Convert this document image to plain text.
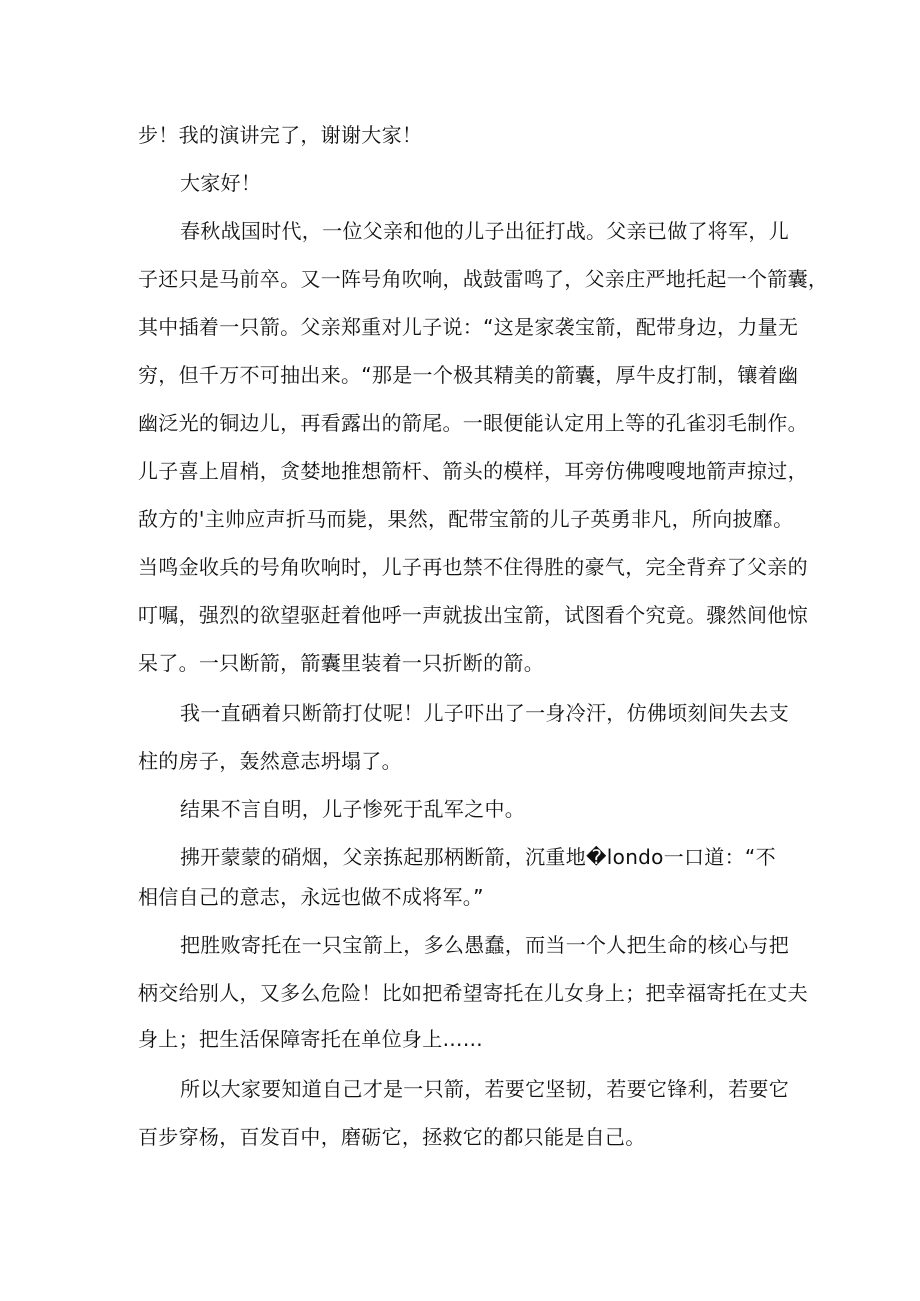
步！我的演讲完了，谢谢大家！

大家好！

春秋战国时代，一位父亲和他的儿子出征打战。父亲已做了将军，儿

子还只是马前卒。又一阵号角吹响，战鼓雷鸣了，父亲庄严地托起一个箭囊，

其中插着一只箭。父亲郑重对儿子说：“这是家袭宝箭，配带身边，力量无

穷，但千万不可抽出来。“那是一个极其精美的箭囊，厚牛皮打制，镶着幽

幽泛光的铜边儿，再看露出的箭尾。一眼便能认定用上等的孔雀羽毛制作。

儿子喜上眉梢，贪婪地推想箭杆、箭头的模样，耳旁仿佛嗖嗖地箭声掠过，

敌方的'主帅应声折马而毙，果然，配带宝箭的儿子英勇非凡，所向披靡。

当鸣金收兵的号角吹响时，儿子再也禁不住得胜的豪气，完全背弃了父亲的

叮嘱，强烈的欲望驱赶着他呼一声就拔出宝箭，试图看个究竟。骤然间他惊

呆了。一只断箭，箭囊里装着一只折断的箭。

我一直硒着只断箭打仗呢！儿子吓出了一身冷汗，仿佛顷刻间失去支

柱的房子，轰然意志坍塌了。

结果不言自明，儿子惨死于乱军之中。

拂开蒙蒙的硝烟，父亲拣起那柄断箭，沉重地�londo一口道：“不

相信自己的意志，永远也做不成将军。”

把胜败寄托在一只宝箭上，多么愚蠢，而当一个人把生命的核心与把

柄交给别人，又多么危险！比如把希望寄托在儿女身上；把幸福寄托在丈夫

身上；把生活保障寄托在单位身上……

所以大家要知道自己才是一只箭，若要它坚韧，若要它锋利，若要它

百步穿杨，百发百中，磨砺它，拯救它的都只能是自己。
